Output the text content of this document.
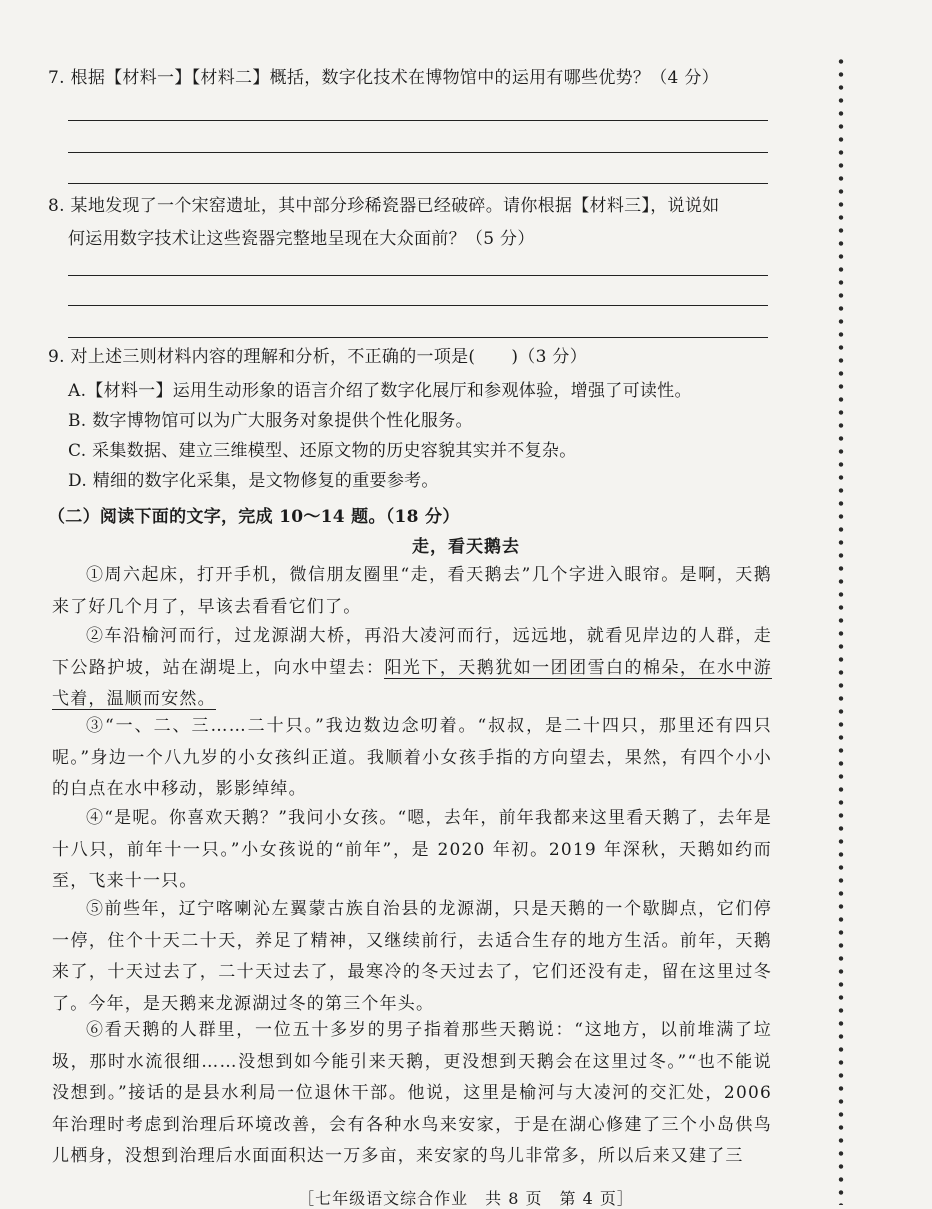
7. 根据【材料一】【材料二】概括，数字化技术在博物馆中的运用有哪些优势？（4 分）
8. 某地发现了一个宋窑遗址，其中部分珍稀瓷器已经破碎。请你根据【材料三】，说说如
何运用数字技术让这些瓷器完整地呈现在大众面前？（5 分）
9. 对上述三则材料内容的理解和分析，不正确的一项是( )（3 分）
A.【材料一】运用生动形象的语言介绍了数字化展厅和参观体验，增强了可读性。
B. 数字博物馆可以为广大服务对象提供个性化服务。
C. 采集数据、建立三维模型、还原文物的历史容貌其实并不复杂。
D. 精细的数字化采集，是文物修复的重要参考。
（二）阅读下面的文字，完成 10～14 题。（18 分）
走，看天鹅去
①周六起床，打开手机，微信朋友圈里“走，看天鹅去”几个字进入眼帘。是啊，天鹅来了好几个月了，早该去看看它们了。
②车沿榆河而行，过龙源湖大桥，再沿大凌河而行，远远地，就看见岸边的人群，走下公路护坡，站在湖堤上，向水中望去：阳光下，天鹅犹如一团团雪白的棉朵，在水中游弋着，温顺而安然。
③“一、二、三……二十只。”我边数边念叨着。“叔叔，是二十四只，那里还有四只呢。”身边一个八九岁的小女孩纠正道。我顺着小女孩手指的方向望去，果然，有四个小小的白点在水中移动，影影绰绰。
④“是呢。你喜欢天鹅？”我问小女孩。“嗯，去年，前年我都来这里看天鹅了，去年是十八只，前年十一只。”小女孩说的“前年”，是 2020 年初。2019 年深秋，天鹅如约而至，飞来十一只。
⑤前些年，辽宁喀喇沁左翼蒙古族自治县的龙源湖，只是天鹅的一个歇脚点，它们停一停，住个十天二十天，养足了精神，又继续前行，去适合生存的地方生活。前年，天鹅来了，十天过去了，二十天过去了，最寒冷的冬天过去了，它们还没有走，留在这里过冬了。今年，是天鹅来龙源湖过冬的第三个年头。
⑥看天鹅的人群里，一位五十多岁的男子指着那些天鹅说：“这地方，以前堆满了垃圾，那时水流很细……没想到如今能引来天鹅，更没想到天鹅会在这里过冬。”“也不能说没想到。”接话的是县水利局一位退休干部。他说，这里是榆河与大凌河的交汇处，2006 年治理时考虑到治理后环境改善，会有各种水鸟来安家，于是在湖心修建了三个小岛供鸟儿栖身，没想到治理后水面面积达一万多亩，来安家的鸟儿非常多，所以后来又建了三
［七年级语文综合作业　共 8 页　第 4 页］
